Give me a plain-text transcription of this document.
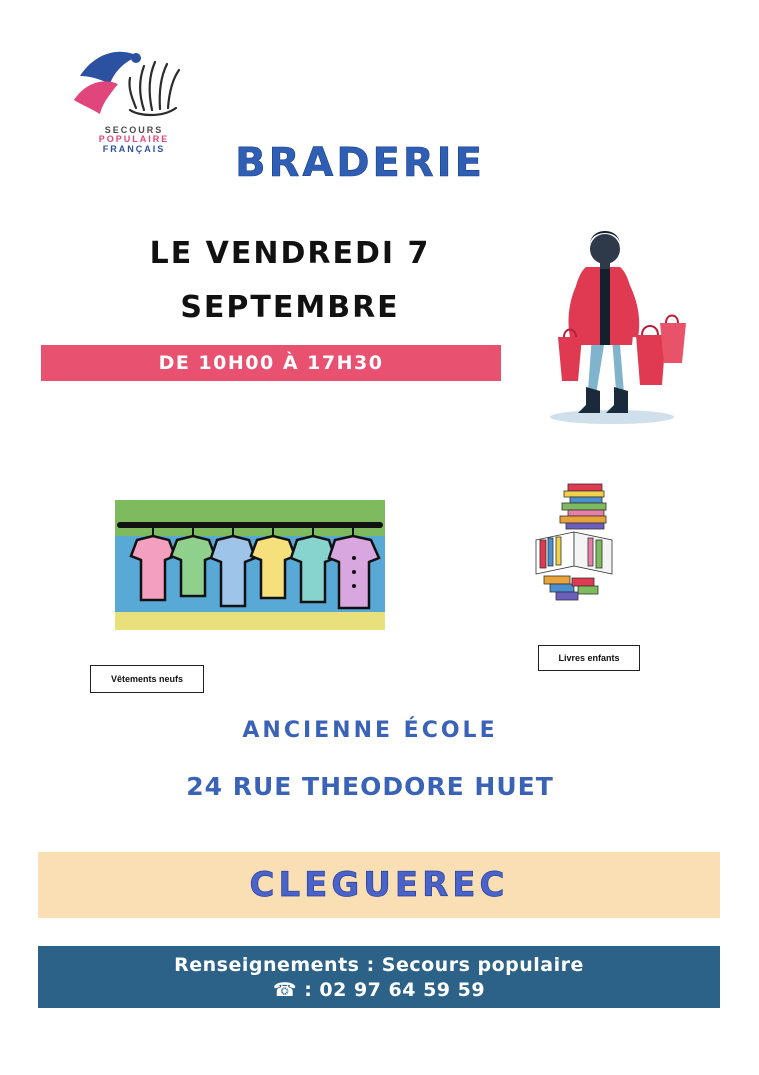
SECOURS
POPULAIRE
FRANÇAIS	BRADERIE
LE VENDREDI 7
SEPTEMBRE
DE 10H00 À 17H30
Vêtements neufs
Livres enfants
ANCIENNE ÉCOLE
24 RUE THEODORE HUET
CLEGUEREC
Renseignements : Secours populaire
☎ : 02 97 64 59 59
